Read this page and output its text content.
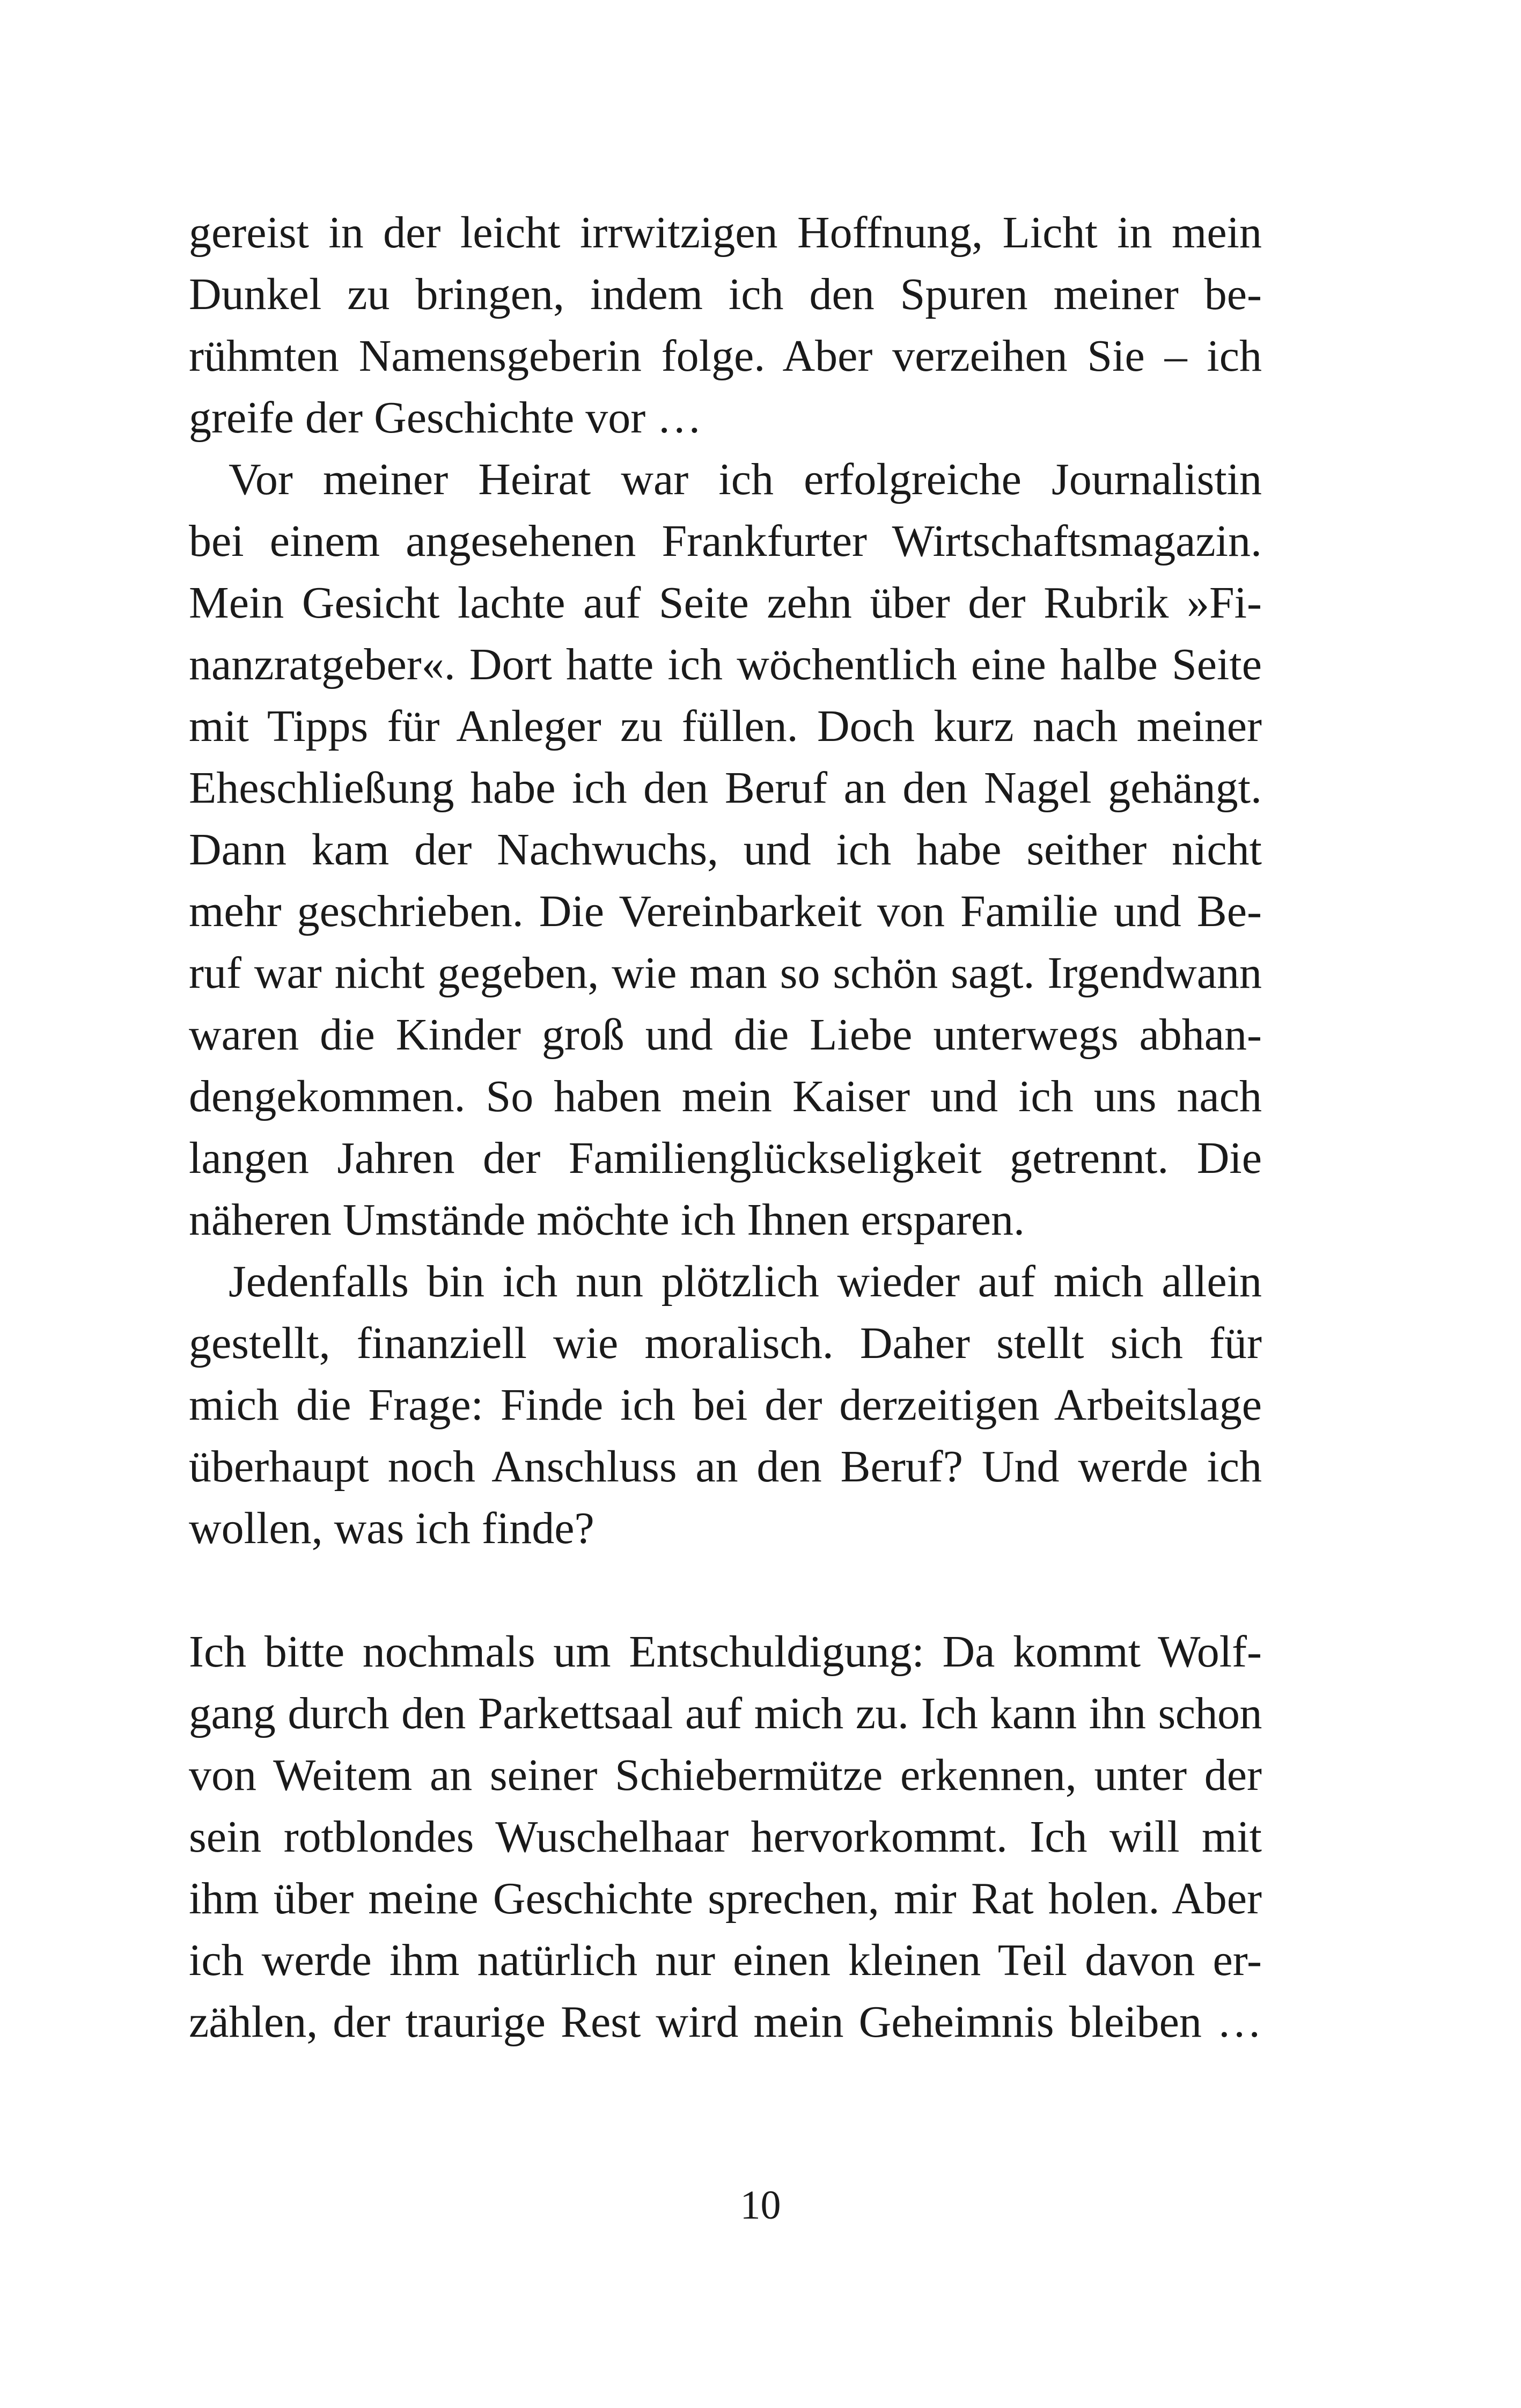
gereist in der leicht irrwitzigen Hoffnung, Licht in mein
Dunkel zu bringen, indem ich den Spuren meiner be-
rühmten Namensgeberin folge. Aber verzeihen Sie – ich
greife der Geschichte vor …
Vor meiner Heirat war ich erfolgreiche Journalistin
bei einem angesehenen Frankfurter Wirtschaftsmagazin.
Mein Gesicht lachte auf Seite zehn über der Rubrik »Fi-
nanzratgeber«. Dort hatte ich wöchentlich eine halbe Seite
mit Tipps für Anleger zu füllen. Doch kurz nach meiner
Eheschließung habe ich den Beruf an den Nagel gehängt.
Dann kam der Nachwuchs, und ich habe seither nicht
mehr geschrieben. Die Vereinbarkeit von Familie und Be-
ruf war nicht gegeben, wie man so schön sagt. Irgendwann
waren die Kinder groß und die Liebe unterwegs abhan-
dengekommen. So haben mein Kaiser und ich uns nach
langen Jahren der Familienglückseligkeit getrennt. Die
näheren Umstände möchte ich Ihnen ersparen.
Jedenfalls bin ich nun plötzlich wieder auf mich allein
gestellt, finanziell wie moralisch. Daher stellt sich für
mich die Frage: Finde ich bei der derzeitigen Arbeitslage
überhaupt noch Anschluss an den Beruf? Und werde ich
wollen, was ich finde?
Ich bitte nochmals um Entschuldigung: Da kommt Wolf-
gang durch den Parkettsaal auf mich zu. Ich kann ihn schon
von Weitem an seiner Schiebermütze erkennen, unter der
sein rotblondes Wuschelhaar hervorkommt. Ich will mit
ihm über meine Geschichte sprechen, mir Rat holen. Aber
ich werde ihm natürlich nur einen kleinen Teil davon er-
zählen, der traurige Rest wird mein Geheimnis bleiben …
10
